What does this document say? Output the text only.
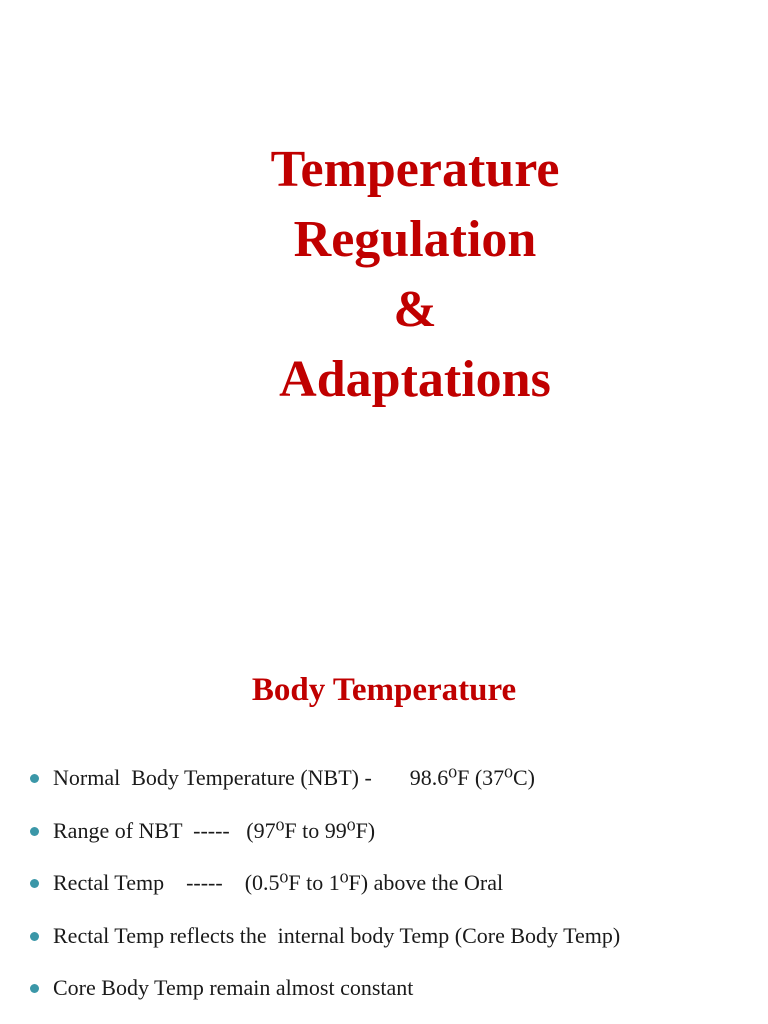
Temperature
Regulation
&
Adaptations
Body Temperature
Normal  Body Temperature (NBT) - 98.6⁰F (37⁰C)
Range of NBT  -----   (97⁰F to 99⁰F)
Rectal Temp -----    (0.5⁰F to 1⁰F) above the Oral
Rectal Temp reflects the  internal body Temp (Core Body Temp)
Core Body Temp remain almost constant
